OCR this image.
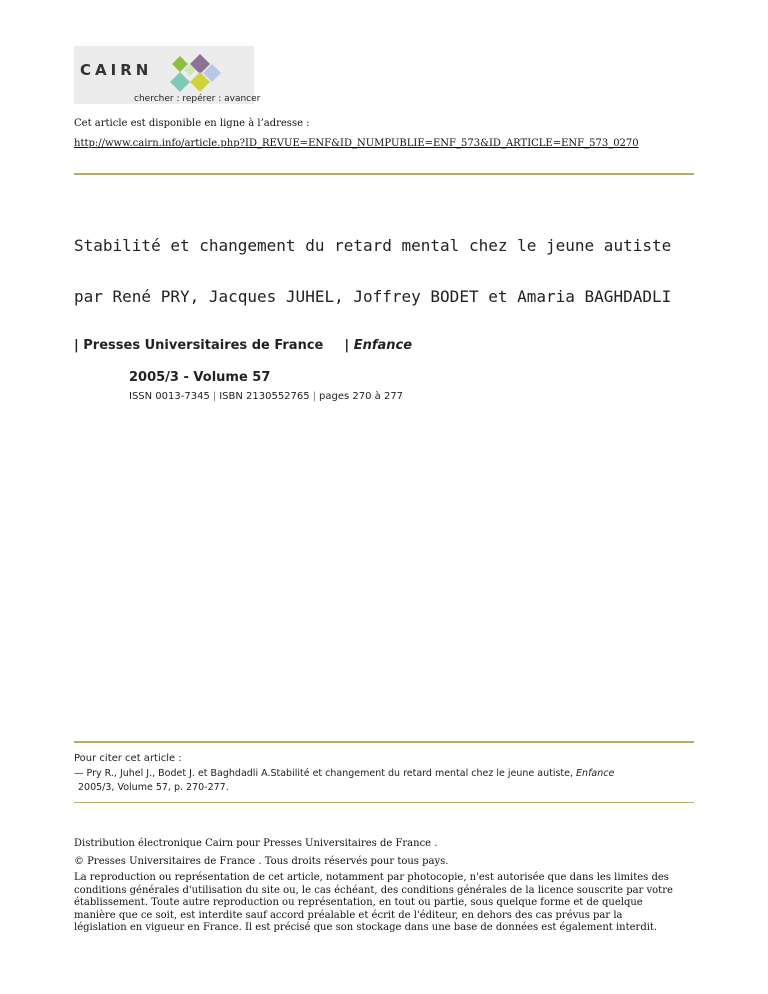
CAIRN
chercher : repérer : avancer
Cet article est disponible en ligne à l’adresse :
http://www.cairn.info/article.php?ID_REVUE=ENF&ID_NUMPUBLIE=ENF_573&ID_ARTICLE=ENF_573_0270
Stabilité et changement du retard mental chez le jeune autiste
par René PRY, Jacques JUHEL, Joffrey BODET et Amaria BAGHDADLI
| Presses Universitaires de France | Enfance
2005/3 - Volume 57
ISSN 0013-7345 | ISBN 2130552765 | pages 270 à 277
Pour citer cet article :
— Pry R., Juhel J., Bodet J. et Baghdadli A.Stabilité et changement du retard mental chez le jeune autiste, Enfance
2005/3, Volume 57, p. 270-277.
Distribution électronique Cairn pour Presses Universitaires de France .
© Presses Universitaires de France . Tous droits réservés pour tous pays.
La reproduction ou représentation de cet article, notamment par photocopie, n'est autorisée que dans les limites des conditions générales d'utilisation du site ou, le cas échéant, des conditions générales de la licence souscrite par votre établissement. Toute autre reproduction ou représentation, en tout ou partie, sous quelque forme et de quelque manière que ce soit, est interdite sauf accord préalable et écrit de l'éditeur, en dehors des cas prévus par la législation en vigueur en France. Il est précisé que son stockage dans une base de données est également interdit.
